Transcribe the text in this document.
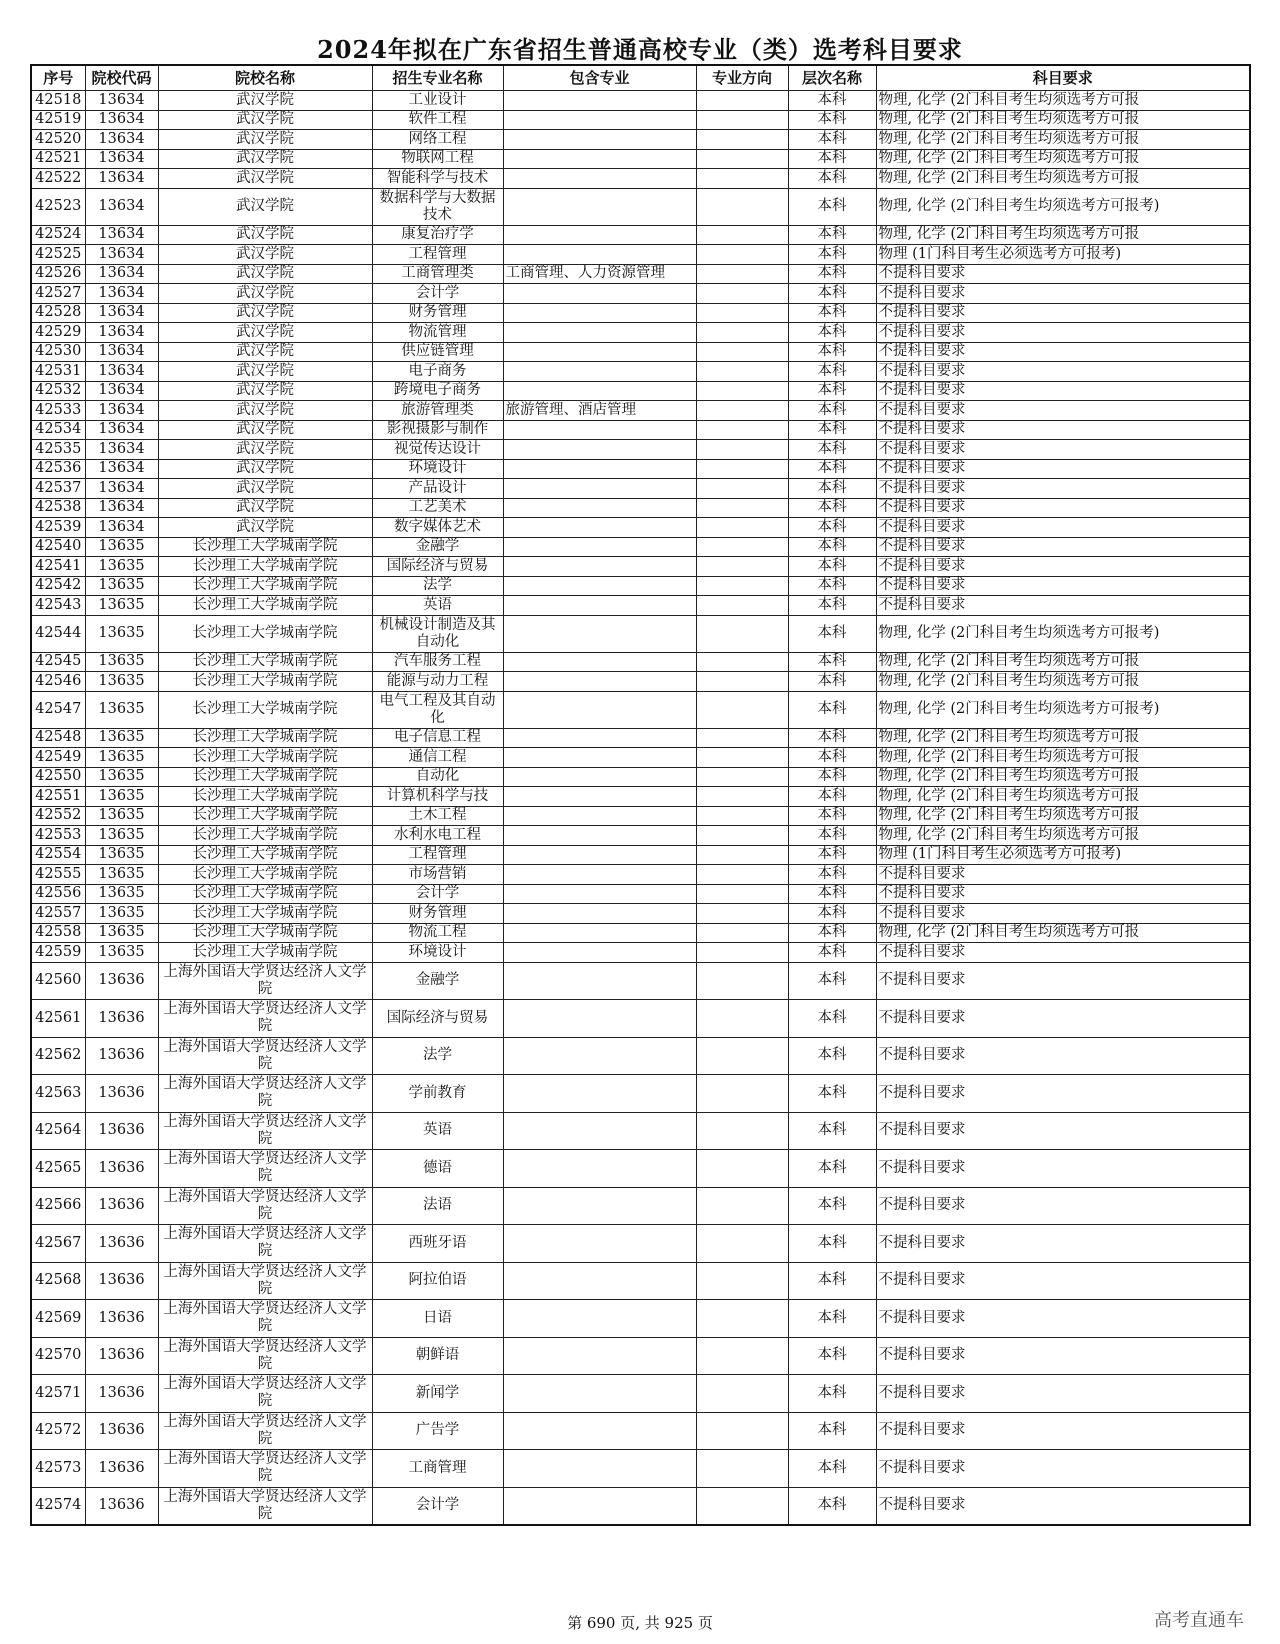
2024年拟在广东省招生普通高校专业（类）选考科目要求
序号	院校代码	院校名称	招生专业名称	包含专业	专业方向	层次名称	科目要求
42518	13634	武汉学院	工业设计			本科	物理, 化学 (2门科目考生均须选考方可报
42519	13634	武汉学院	软件工程			本科	物理, 化学 (2门科目考生均须选考方可报
42520	13634	武汉学院	网络工程			本科	物理, 化学 (2门科目考生均须选考方可报
42521	13634	武汉学院	物联网工程			本科	物理, 化学 (2门科目考生均须选考方可报
42522	13634	武汉学院	智能科学与技术			本科	物理, 化学 (2门科目考生均须选考方可报
42523	13634	武汉学院	数据科学与大数据技术			本科	物理, 化学 (2门科目考生均须选考方可报考)
42524	13634	武汉学院	康复治疗学			本科	物理, 化学 (2门科目考生均须选考方可报
42525	13634	武汉学院	工程管理			本科	物理 (1门科目考生必须选考方可报考)
42526	13634	武汉学院	工商管理类	工商管理、人力资源管理		本科	不提科目要求
42527	13634	武汉学院	会计学			本科	不提科目要求
42528	13634	武汉学院	财务管理			本科	不提科目要求
42529	13634	武汉学院	物流管理			本科	不提科目要求
42530	13634	武汉学院	供应链管理			本科	不提科目要求
42531	13634	武汉学院	电子商务			本科	不提科目要求
42532	13634	武汉学院	跨境电子商务			本科	不提科目要求
42533	13634	武汉学院	旅游管理类	旅游管理、酒店管理		本科	不提科目要求
42534	13634	武汉学院	影视摄影与制作			本科	不提科目要求
42535	13634	武汉学院	视觉传达设计			本科	不提科目要求
42536	13634	武汉学院	环境设计			本科	不提科目要求
42537	13634	武汉学院	产品设计			本科	不提科目要求
42538	13634	武汉学院	工艺美术			本科	不提科目要求
42539	13634	武汉学院	数字媒体艺术			本科	不提科目要求
42540	13635	长沙理工大学城南学院	金融学			本科	不提科目要求
42541	13635	长沙理工大学城南学院	国际经济与贸易			本科	不提科目要求
42542	13635	长沙理工大学城南学院	法学			本科	不提科目要求
42543	13635	长沙理工大学城南学院	英语			本科	不提科目要求
42544	13635	长沙理工大学城南学院	机械设计制造及其自动化			本科	物理, 化学 (2门科目考生均须选考方可报考)
42545	13635	长沙理工大学城南学院	汽车服务工程			本科	物理, 化学 (2门科目考生均须选考方可报
42546	13635	长沙理工大学城南学院	能源与动力工程			本科	物理, 化学 (2门科目考生均须选考方可报
42547	13635	长沙理工大学城南学院	电气工程及其自动化			本科	物理, 化学 (2门科目考生均须选考方可报考)
42548	13635	长沙理工大学城南学院	电子信息工程			本科	物理, 化学 (2门科目考生均须选考方可报
42549	13635	长沙理工大学城南学院	通信工程			本科	物理, 化学 (2门科目考生均须选考方可报
42550	13635	长沙理工大学城南学院	自动化			本科	物理, 化学 (2门科目考生均须选考方可报
42551	13635	长沙理工大学城南学院	计算机科学与技			本科	物理, 化学 (2门科目考生均须选考方可报
42552	13635	长沙理工大学城南学院	土木工程			本科	物理, 化学 (2门科目考生均须选考方可报
42553	13635	长沙理工大学城南学院	水利水电工程			本科	物理, 化学 (2门科目考生均须选考方可报
42554	13635	长沙理工大学城南学院	工程管理			本科	物理 (1门科目考生必须选考方可报考)
42555	13635	长沙理工大学城南学院	市场营销			本科	不提科目要求
42556	13635	长沙理工大学城南学院	会计学			本科	不提科目要求
42557	13635	长沙理工大学城南学院	财务管理			本科	不提科目要求
42558	13635	长沙理工大学城南学院	物流工程			本科	物理, 化学 (2门科目考生均须选考方可报
42559	13635	长沙理工大学城南学院	环境设计			本科	不提科目要求
42560	13636	上海外国语大学贤达经济人文学院	金融学			本科	不提科目要求
42561	13636	上海外国语大学贤达经济人文学院	国际经济与贸易			本科	不提科目要求
42562	13636	上海外国语大学贤达经济人文学院	法学			本科	不提科目要求
42563	13636	上海外国语大学贤达经济人文学院	学前教育			本科	不提科目要求
42564	13636	上海外国语大学贤达经济人文学院	英语			本科	不提科目要求
42565	13636	上海外国语大学贤达经济人文学院	德语			本科	不提科目要求
42566	13636	上海外国语大学贤达经济人文学院	法语			本科	不提科目要求
42567	13636	上海外国语大学贤达经济人文学院	西班牙语			本科	不提科目要求
42568	13636	上海外国语大学贤达经济人文学院	阿拉伯语			本科	不提科目要求
42569	13636	上海外国语大学贤达经济人文学院	日语			本科	不提科目要求
42570	13636	上海外国语大学贤达经济人文学院	朝鲜语			本科	不提科目要求
42571	13636	上海外国语大学贤达经济人文学院	新闻学			本科	不提科目要求
42572	13636	上海外国语大学贤达经济人文学院	广告学			本科	不提科目要求
42573	13636	上海外国语大学贤达经济人文学院	工商管理			本科	不提科目要求
42574	13636	上海外国语大学贤达经济人文学院	会计学			本科	不提科目要求
第 690 页, 共 925 页	高考直通车
